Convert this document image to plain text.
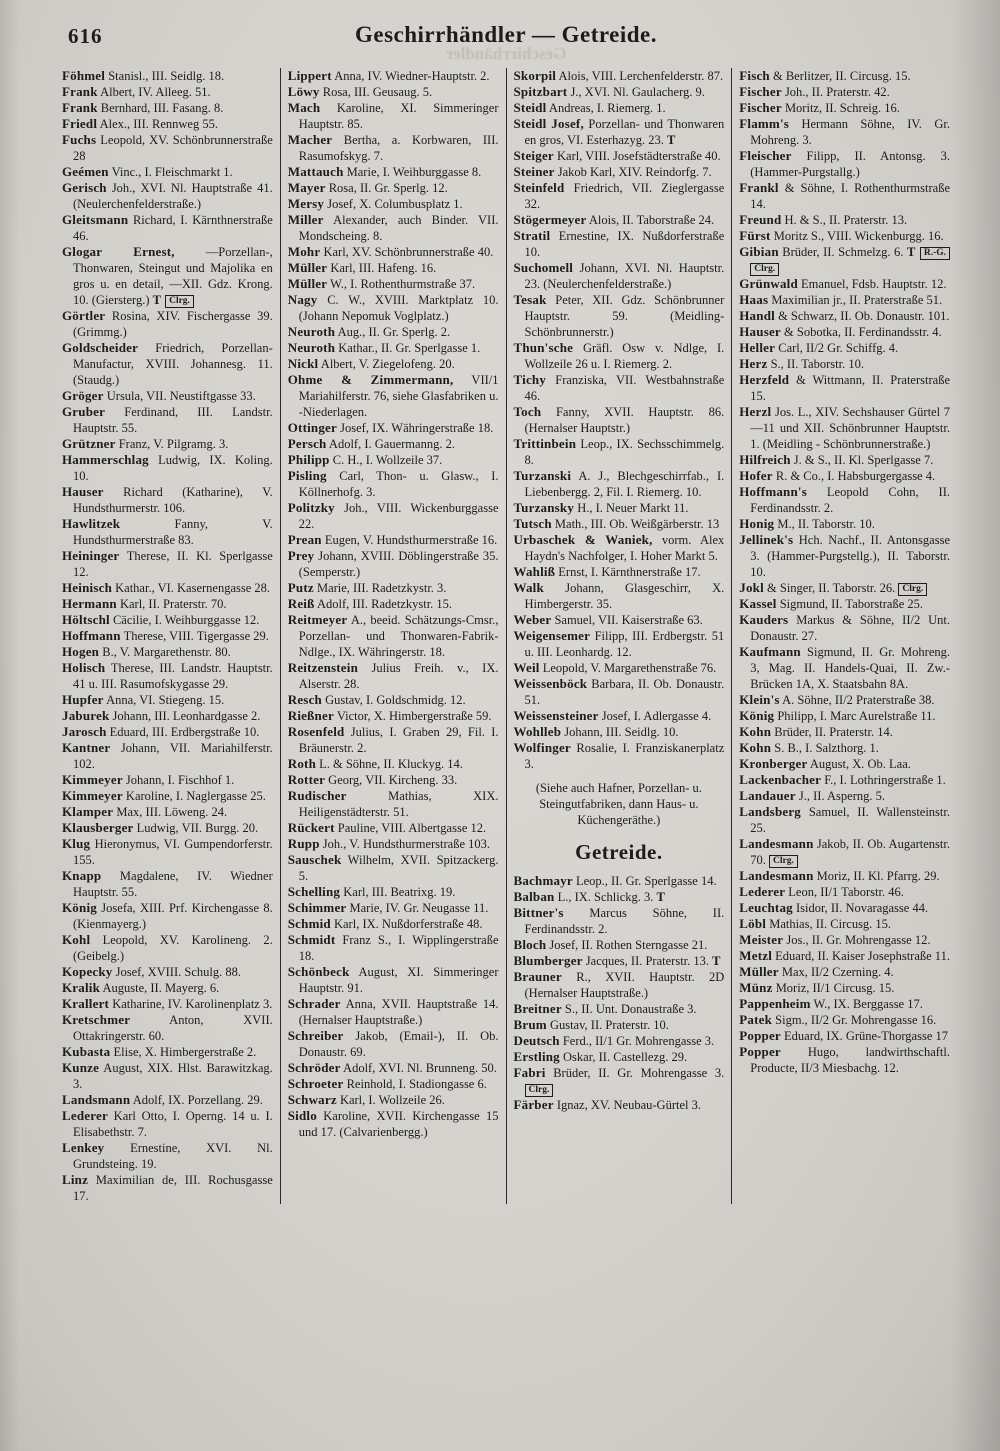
616
Geschirrhändler
Geschirrhändler — Getreide.
Föhmel Stanisl., III. Seidlg. 18.
Frank Albert, IV. Alleeg. 51.
Frank Bernhard, III. Fasang. 8.
Friedl Alex., III. Rennweg 55.
Fuchs Leopold, XV. Schönbrunnerstraße 28
Geémen Vinc., I. Fleischmarkt 1.
Gerisch Joh., XVI. Nl. Hauptstraße 41. (Neulerchenfelderstraße.)
Gleitsmann Richard, I. Kärnthnerstraße 46.
Glogar Ernest, —Porzellan-, Thonwaren, Steingut und Majolika en gros u. en detail, —XII. Gdz. Krong. 10. (Giersterg.) T Clrg.
Görtler Rosina, XIV. Fischergasse 39. (Grimmg.)
Goldscheider Friedrich, Porzellan-Manufactur, XVIII. Johannesg. 11. (Staudg.)
Gröger Ursula, VII. Neustiftgasse 33.
Gruber Ferdinand, III. Landstr. Hauptstr. 55.
Grützner Franz, V. Pilgramg. 3.
Hammerschlag Ludwig, IX. Koling. 10.
Hauser Richard (Katharine), V. Hundsthurmerstr. 106.
Hawlitzek Fanny, V. Hundsthurmerstraße 83.
Heininger Therese, II. Kl. Sperlgasse 12.
Heinisch Kathar., VI. Kasernengasse 28.
Hermann Karl, II. Praterstr. 70.
Höltschl Cäcilie, I. Weihburggasse 12.
Hoffmann Therese, VIII. Tigergasse 29.
Hogen B., V. Margarethenstr. 80.
Holisch Therese, III. Landstr. Hauptstr. 41 u. III. Rasumofskygasse 29.
Hupfer Anna, VI. Stiegeng. 15.
Jaburek Johann, III. Leonhardgasse 2.
Jarosch Eduard, III. Erdbergstraße 10.
Kantner Johann, VII. Mariahilferstr. 102.
Kimmeyer Johann, I. Fischhof 1.
Kimmeyer Karoline, I. Naglergasse 25.
Klamper Max, III. Löweng. 24.
Klausberger Ludwig, VII. Burgg. 20.
Klug Hieronymus, VI. Gumpendorferstr. 155.
Knapp Magdalene, IV. Wiedner Hauptstr. 55.
König Josefa, XIII. Prf. Kirchengasse 8. (Kienmayerg.)
Kohl Leopold, XV. Karolineng. 2. (Geibelg.)
Kopecky Josef, XVIII. Schulg. 88.
Kralik Auguste, II. Mayerg. 6.
Krallert Katharine, IV. Karolinenplatz 3.
Kretschmer Anton, XVII. Ottakringerstr. 60.
Kubasta Elise, X. Himbergerstraße 2.
Kunze August, XIX. Hlst. Barawitzkag. 3.
Landsmann Adolf, IX. Porzellang. 29.
Lederer Karl Otto, I. Operng. 14 u. I. Elisabethstr. 7.
Lenkey Ernestine, XVI. Nl. Grundsteing. 19.
Linz Maximilian de, III. Rochusgasse 17.
Lippert Anna, IV. Wiedner-Hauptstr. 2.
Löwy Rosa, III. Geusaug. 5.
Mach Karoline, XI. Simmeringer Hauptstr. 85.
Macher Bertha, a. Korbwaren, III. Rasumofskyg. 7.
Mattauch Marie, I. Weihburggasse 8.
Mayer Rosa, II. Gr. Sperlg. 12.
Mersy Josef, X. Columbusplatz 1.
Miller Alexander, auch Binder. VII. Mondscheing. 8.
Mohr Karl, XV. Schönbrunnerstraße 40.
Müller Karl, III. Hafeng. 16.
Müller W., I. Rothenthurmstraße 37.
Nagy C. W., XVIII. Marktplatz 10. (Johann Nepomuk Voglplatz.)
Neuroth Aug., II. Gr. Sperlg. 2.
Neuroth Kathar., II. Gr. Sperlgasse 1.
Nickl Albert, V. Ziegelofeng. 20.
Ohme & Zimmermann, VII/1 Mariahilferstr. 76, siehe Glasfabriken u. -Niederlagen.
Ottinger Josef, IX. Währingerstraße 18.
Persch Adolf, I. Gauermanng. 2.
Philipp C. H., I. Wollzeile 37.
Pisling Carl, Thon- u. Glasw., I. Köllnerhofg. 3.
Politzky Joh., VIII. Wickenburggasse 22.
Prean Eugen, V. Hundsthurmerstraße 16.
Prey Johann, XVIII. Döblingerstraße 35. (Semperstr.)
Putz Marie, III. Radetzkystr. 3.
Reiß Adolf, III. Radetzkystr. 15.
Reitmeyer A., beeid. Schätzungs-Cmsr., Porzellan- und Thonwaren-Fabrik-Ndlge., IX. Währingerstr. 18.
Reitzenstein Julius Freih. v., IX. Alserstr. 28.
Resch Gustav, I. Goldschmidg. 12.
Rießner Victor, X. Himbergerstraße 59.
Rosenfeld Julius, I. Graben 29, Fil. I. Bräunerstr. 2.
Roth L. & Söhne, II. Kluckyg. 14.
Rotter Georg, VII. Kircheng. 33.
Rudischer Mathias, XIX. Heiligenstädterstr. 51.
Rückert Pauline, VIII. Albertgasse 12.
Rupp Joh., V. Hundsthurmerstraße 103.
Sauschek Wilhelm, XVII. Spitzackerg. 5.
Schelling Karl, III. Beatrixg. 19.
Schimmer Marie, IV. Gr. Neugasse 11.
Schmid Karl, IX. Nußdorferstraße 48.
Schmidt Franz S., I. Wipplingerstraße 18.
Schönbeck August, XI. Simmeringer Hauptstr. 91.
Schrader Anna, XVII. Hauptstraße 14. (Hernalser Hauptstraße.)
Schreiber Jakob, (Email-), II. Ob. Donaustr. 69.
Schröder Adolf, XVI. Nl. Brunneng. 50.
Schroeter Reinhold, I. Stadiongasse 6.
Schwarz Karl, I. Wollzeile 26.
Sidlo Karoline, XVII. Kirchengasse 15 und 17. (Calvarienbergg.)
Skorpil Alois, VIII. Lerchenfelderstr. 87.
Spitzbart J., XVI. Nl. Gaulacherg. 9.
Steidl Andreas, I. Riemerg. 1.
Steidl Josef, Porzellan- und Thonwaren en gros, VI. Esterhazyg. 23. T
Steiger Karl, VIII. Josefstädterstraße 40.
Steiner Jakob Karl, XIV. Reindorfg. 7.
Steinfeld Friedrich, VII. Zieglergasse 32.
Stögermeyer Alois, II. Taborstraße 24.
Stratil Ernestine, IX. Nußdorferstraße 10.
Suchomell Johann, XVI. Nl. Hauptstr. 23. (Neulerchenfelderstraße.)
Tesak Peter, XII. Gdz. Schönbrunner Hauptstr. 59. (Meidling-Schönbrunnerstr.)
Thun'sche Gräfl. Osw v. Ndlge, I. Wollzeile 26 u. I. Riemerg. 2.
Tichy Franziska, VII. Westbahnstraße 46.
Toch Fanny, XVII. Hauptstr. 86. (Hernalser Hauptstr.)
Trittinbein Leop., IX. Sechsschimmelg. 8.
Turzanski A. J., Blechgeschirrfab., I. Liebenbergg. 2, Fil. I. Riemerg. 10.
Turzansky H., I. Neuer Markt 11.
Tutsch Math., III. Ob. Weißgärberstr. 13
Urbaschek & Waniek, vorm. Alex Haydn's Nachfolger, I. Hoher Markt 5.
Wahliß Ernst, I. Kärnthnerstraße 17.
Walk Johann, Glasgeschirr, X. Himbergerstr. 35.
Weber Samuel, VII. Kaiserstraße 63.
Weigensemer Filipp, III. Erdbergstr. 51 u. III. Leonhardg. 12.
Weil Leopold, V. Margarethenstraße 76.
Weissenböck Barbara, II. Ob. Donaustr. 51.
Weissensteiner Josef, I. Adlergasse 4.
Wohlleb Johann, III. Seidlg. 10.
Wolfinger Rosalie, I. Franziskanerplatz 3.
(Siehe auch Hafner, Porzellan- u. Steingutfabriken, dann Haus- u. Küchengeräthe.)
Getreide.
Bachmayr Leop., II. Gr. Sperlgasse 14.
Balban L., IX. Schlickg. 3. T
Bittner's Marcus Söhne, II. Ferdinandsstr. 2.
Bloch Josef, II. Rothen Sterngasse 21.
Blumberger Jacques, II. Praterstr. 13. T
Brauner R., XVII. Hauptstr. 2D (Hernalser Hauptstraße.)
Breitner S., II. Unt. Donaustraße 3.
Brum Gustav, II. Praterstr. 10.
Deutsch Ferd., II/1 Gr. Mohrengasse 3.
Erstling Oskar, II. Castellezg. 29.
Fabri Brüder, II. Gr. Mohrengasse 3. Clrg.
Färber Ignaz, XV. Neubau-Gürtel 3.
Fisch & Berlitzer, II. Circusg. 15.
Fischer Joh., II. Praterstr. 42.
Fischer Moritz, II. Schreig. 16.
Flamm's Hermann Söhne, IV. Gr. Mohreng. 3.
Fleischer Filipp, II. Antonsg. 3. (Hammer-Purgstallg.)
Frankl & Söhne, I. Rothenthurmstraße 14.
Freund H. & S., II. Praterstr. 13.
Fürst Moritz S., VIII. Wickenburgg. 16.
Gibian Brüder, II. Schmelzg. 6. T R.-G. Clrg.
Grünwald Emanuel, Fdsb. Hauptstr. 12.
Haas Maximilian jr., II. Praterstraße 51.
Handl & Schwarz, II. Ob. Donaustr. 101.
Hauser & Sobotka, II. Ferdinandsstr. 4.
Heller Carl, II/2 Gr. Schiffg. 4.
Herz S., II. Taborstr. 10.
Herzfeld & Wittmann, II. Praterstraße 15.
Herzl Jos. L., XIV. Sechshauser Gürtel 7—11 und XII. Schönbrunner Hauptstr. 1. (Meidling - Schönbrunnerstraße.)
Hilfreich J. & S., II. Kl. Sperlgasse 7.
Hofer R. & Co., I. Habsburgergasse 4.
Hoffmann's Leopold Cohn, II. Ferdinandsstr. 2.
Honig M., II. Taborstr. 10.
Jellinek's Hch. Nachf., II. Antonsgasse 3. (Hammer-Purgstellg.), II. Taborstr. 10.
Jokl & Singer, II. Taborstr. 26. Clrg.
Kassel Sigmund, II. Taborstraße 25.
Kauders Markus & Söhne, II/2 Unt. Donaustr. 27.
Kaufmann Sigmund, II. Gr. Mohreng. 3, Mag. II. Handels-Quai, II. Zw.-Brücken 1A, X. Staatsbahn 8A.
Klein's A. Söhne, II/2 Praterstraße 38.
König Philipp, I. Marc Aurelstraße 11.
Kohn Brüder, II. Praterstr. 14.
Kohn S. B., I. Salzthorg. 1.
Kronberger August, X. Ob. Laa.
Lackenbacher F., I. Lothringerstraße 1.
Landauer J., II. Asperng. 5.
Landsberg Samuel, II. Wallensteinstr. 25.
Landesmann Jakob, II. Ob. Augartenstr. 70. Clrg.
Landesmann Moriz, II. Kl. Pfarrg. 29.
Lederer Leon, II/1 Taborstr. 46.
Leuchtag Isidor, II. Novaragasse 44.
Löbl Mathias, II. Circusg. 15.
Meister Jos., II. Gr. Mohrengasse 12.
Metzl Eduard, II. Kaiser Josephstraße 11.
Müller Max, II/2 Czerning. 4.
Münz Moriz, II/1 Circusg. 15.
Pappenheim W., IX. Berggasse 17.
Patek Sigm., II/2 Gr. Mohrengasse 16.
Popper Eduard, IX. Grüne-Thorgasse 17
Popper Hugo, landwirthschaftl. Producte, II/3 Miesbachg. 12.
